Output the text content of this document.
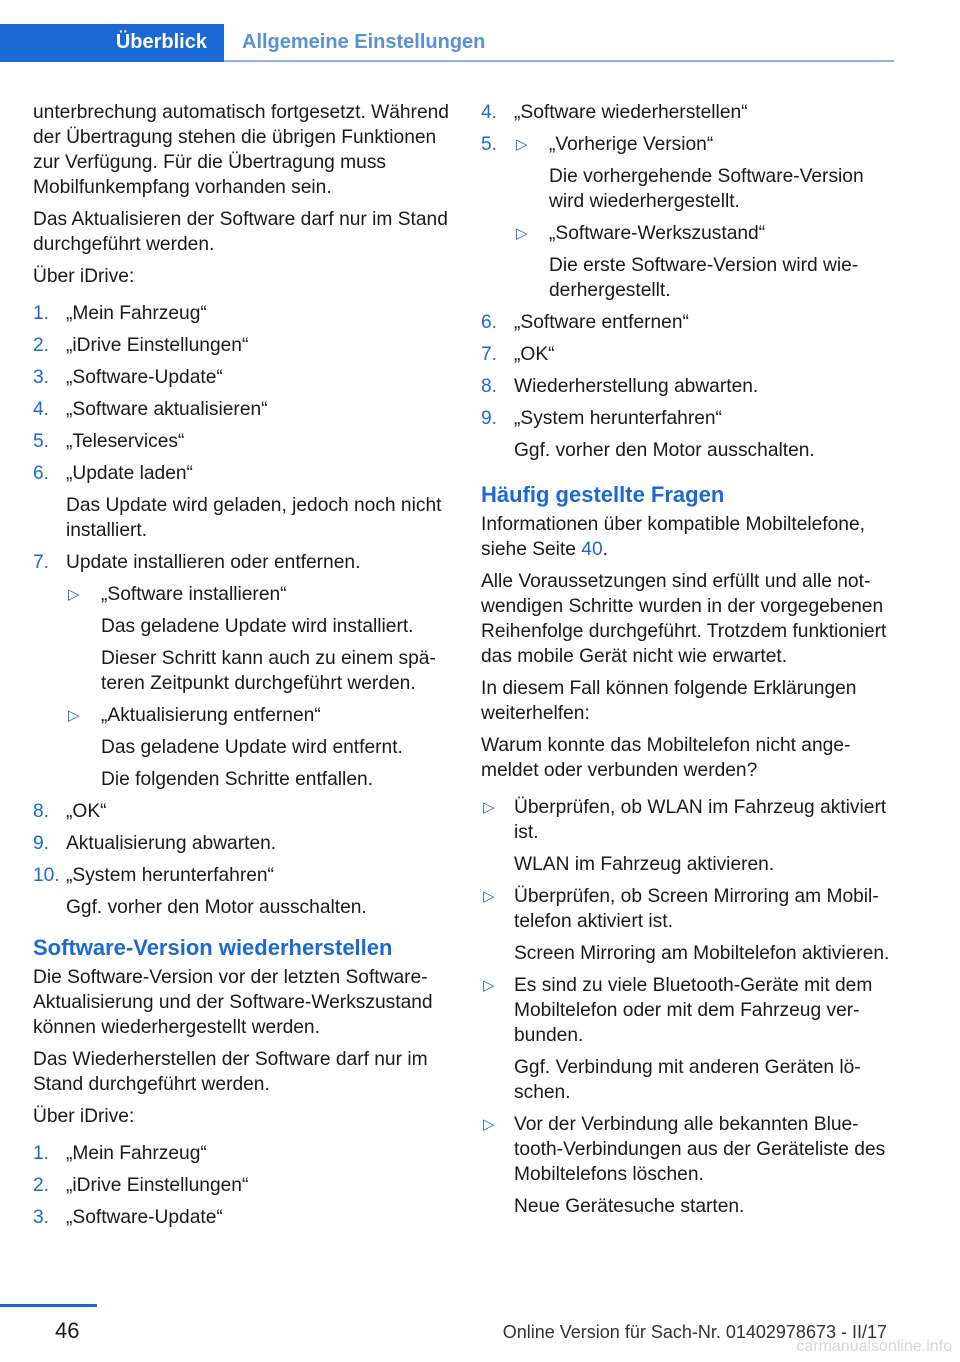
Überblick Allgemeine Einstellungen

unterbrechung automatisch fortgesetzt. Während der Übertragung stehen die übrigen Funktionen zur Verfügung. Für die Übertragung muss Mobilfunkempfang vorhanden sein.

Das Aktualisieren der Software darf nur im Stand durchgeführt werden.

Über iDrive:

1. „Mein Fahrzeug“
2. „iDrive Einstellungen“
3. „Software-Update“
4. „Software aktualisieren“
5. „Teleservices“
6. „Update laden“
Das Update wird geladen, jedoch noch nicht installiert.
7. Update installieren oder entfernen.
▷ „Software installieren“
Das geladene Update wird installiert.
Dieser Schritt kann auch zu einem späteren Zeitpunkt durchgeführt werden.
▷ „Aktualisierung entfernen“
Das geladene Update wird entfernt.
Die folgenden Schritte entfallen.
8. „OK“
9. Aktualisierung abwarten.
10. „System herunterfahren“
Ggf. vorher den Motor ausschalten.
Software-Version wiederherstellen

Die Software-Version vor der letzten Software-Aktualisierung und der Software-Werkszustand können wiederhergestellt werden.

Das Wiederherstellen der Software darf nur im Stand durchgeführt werden.

Über iDrive:

1. „Mein Fahrzeug“
2. „iDrive Einstellungen“
3. „Software-Update“
4. „Software wiederherstellen“
5. ▷ „Vorherige Version“
Die vorhergehende Software-Version wird wiederhergestellt.
▷ „Software-Werkszustand“
Die erste Software-Version wird wiederhergestellt.
6. „Software entfernen“
7. „OK“
8. Wiederherstellung abwarten.
9. „System herunterfahren“
Ggf. vorher den Motor ausschalten.
Häufig gestellte Fragen

Informationen über kompatible Mobiltelefone, siehe Seite 40.

Alle Voraussetzungen sind erfüllt und alle notwendigen Schritte wurden in der vorgegebenen Reihenfolge durchgeführt. Trotzdem funktioniert das mobile Gerät nicht wie erwartet.

In diesem Fall können folgende Erklärungen weiterhelfen:

Warum konnte das Mobiltelefon nicht angemeldet oder verbunden werden?

▷ Überprüfen, ob WLAN im Fahrzeug aktiviert ist.
WLAN im Fahrzeug aktivieren.
▷ Überprüfen, ob Screen Mirroring am Mobiltelefon aktiviert ist.
Screen Mirroring am Mobiltelefon aktivieren.
▷ Es sind zu viele Bluetooth-Geräte mit dem Mobiltelefon oder mit dem Fahrzeug verbunden.
Ggf. Verbindung mit anderen Geräten löschen.
▷ Vor der Verbindung alle bekannten Bluetooth-Verbindungen aus der Geräteliste des Mobiltelefons löschen.
Neue Gerätesuche starten.
46	Online Version für Sach-Nr. 01402978673 - II/17
carmanualsonline.info
